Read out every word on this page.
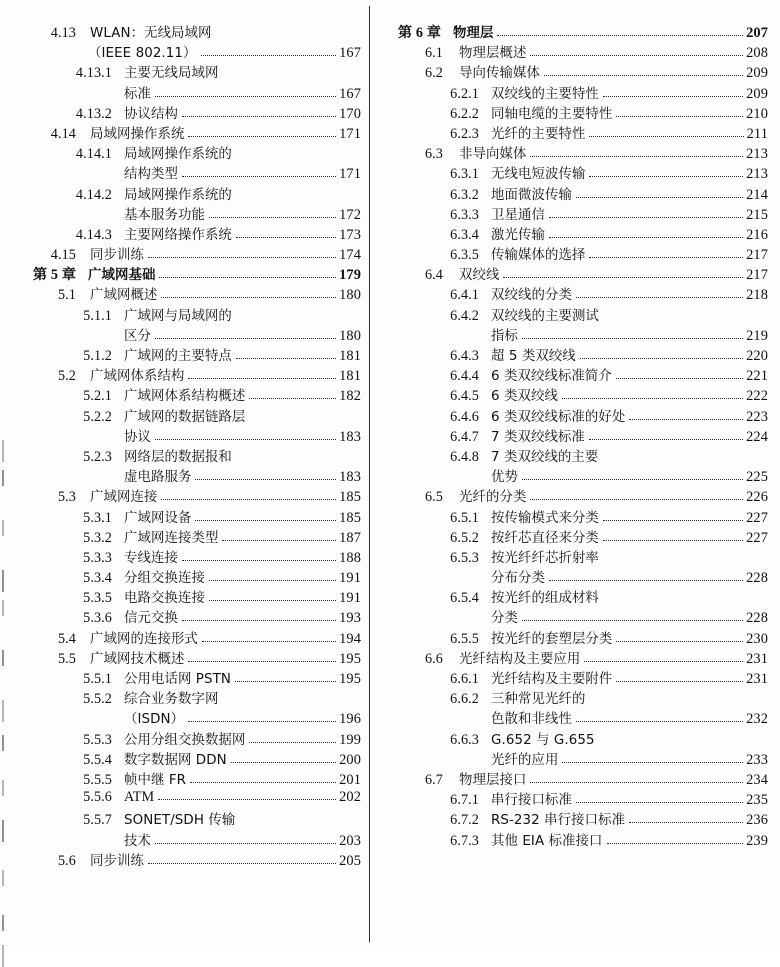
4.13	WLAN：无线局域网
（IEEE 802.11）	167
4.13.1 主要无线局域网
标准	167
4.13.2 协议结构	170
4.14	局域网操作系统	171
4.14.1 局域网操作系统的
结构类型	171
4.14.2 局域网操作系统的
基本服务功能	172
4.14.3 主要网络操作系统	173
4.15	同步训练	174
第 5 章 广域网基础	179
5.1	广域网概述	180
5.1.1 广域网与局域网的
区分	180
5.1.2 广域网的主要特点	181
5.2	广域网体系结构	181
5.2.1 广域网体系结构概述	182
5.2.2 广域网的数据链路层
协议	183
5.2.3 网络层的数据报和
虚电路服务	183
5.3	广域网连接	185
5.3.1 广域网设备	185
5.3.2 广域网连接类型	187
5.3.3 专线连接	188
5.3.4 分组交换连接	191
5.3.5 电路交换连接	191
5.3.6 信元交换	193
5.4	广域网的连接形式	194
5.5	广域网技术概述	195
5.5.1 公用电话网 PSTN	195
5.5.2 综合业务数字网
（ISDN）	196
5.5.3 公用分组交换数据网	199
5.5.4 数字数据网 DDN	200
5.5.5 帧中继 FR	201
5.5.6 ATM	202
5.5.7 SONET/SDH 传输
技术	203
5.6	同步训练	205
第 6 章 物理层	207
6.1	物理层概述	208
6.2	导向传输媒体	209
6.2.1 双绞线的主要特性	209
6.2.2 同轴电缆的主要特性	210
6.2.3 光纤的主要特性	211
6.3	非导向媒体	213
6.3.1 无线电短波传输	213
6.3.2 地面微波传输	214
6.3.3 卫星通信	215
6.3.4 激光传输	216
6.3.5 传输媒体的选择	217
6.4	双绞线	217
6.4.1 双绞线的分类	218
6.4.2 双绞线的主要测试
指标	219
6.4.3 超 5 类双绞线	220
6.4.4 6 类双绞线标准简介	221
6.4.5 6 类双绞线	222
6.4.6 6 类双绞线标准的好处	223
6.4.7 7 类双绞线标准	224
6.4.8 7 类双绞线的主要
优势	225
6.5	光纤的分类	226
6.5.1 按传输模式来分类	227
6.5.2 按纤芯直径来分类	227
6.5.3 按光纤纤芯折射率
分布分类	228
6.5.4 按光纤的组成材料
分类	228
6.5.5 按光纤的套塑层分类	230
6.6	光纤结构及主要应用	231
6.6.1 光纤结构及主要附件	231
6.6.2 三种常见光纤的
色散和非线性	232
6.6.3 G.652 与 G.655
光纤的应用	233
6.7	物理层接口	234
6.7.1 串行接口标准	235
6.7.2 RS-232 串行接口标准	236
6.7.3 其他 EIA 标准接口	239
